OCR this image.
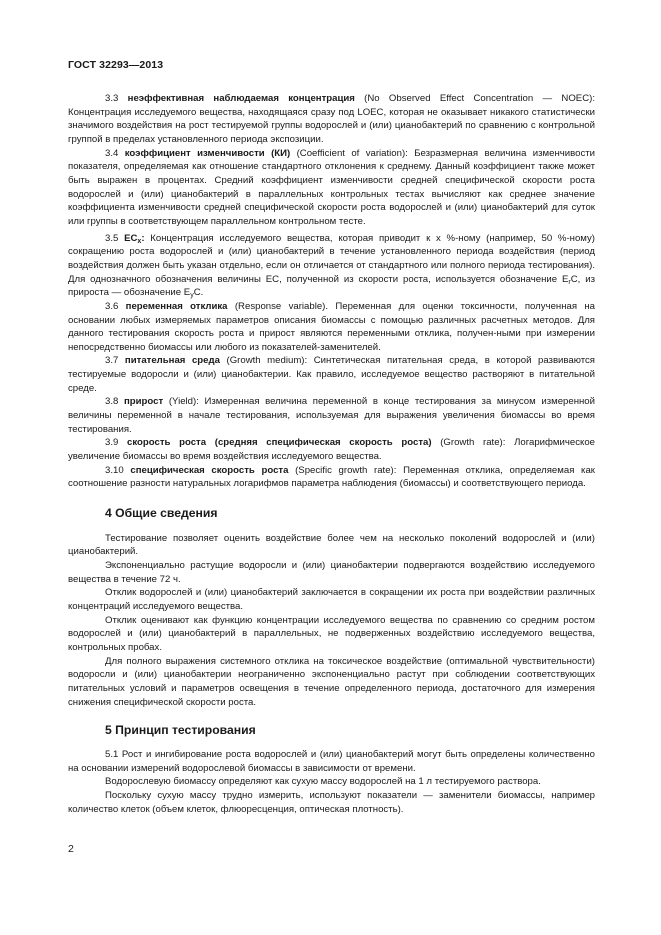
ГОСТ 32293—2013

3.3 неэффективная наблюдаемая концентрация (No Observed Effect Concentration — NOEC): Концентрация исследуемого вещества, находящаяся сразу под LOEC, которая не оказывает никакого статистически значимого воздействия на рост тестируемой группы водорослей и (или) цианобактерий по сравнению с контрольной группой в пределах установленного периода экспозиции.

3.4 коэффициент изменчивости (КИ) (Coefficient of variation): Безразмерная величина изменчивости показателя, определяемая как отношение стандартного отклонения к среднему. Данный коэффициент также может быть выражен в процентах. Средний коэффициент изменчивости средней специфической скорости роста водорослей и (или) цианобактерий в параллельных контрольных тестах вычисляют как среднее значение коэффициента изменчивости средней специфической скорости роста водорослей и (или) цианобактерий для суток или группы в соответствующем параллельном контрольном тесте.

3.5 $EC_x$: Концентрация исследуемого вещества, которая приводит к х %-ному (например, 50 %-ному) сокращению роста водорослей и (или) цианобактерий в течение установленного периода воздействия (период воздействия должен быть указан отдельно, если он отличается от стандартного или полного периода тестирования). Для однозначного обозначения величины ЕС, полученной из скорости роста, используется обозначение $E_rC$, из прироста — обозначение $E_yC$.

3.6 переменная отклика (Response variable). Переменная для оценки токсичности, полученная на основании любых измеряемых параметров описания биомассы с помощью различных расчетных методов. Для данного тестирования скорость роста и прирост являются переменными отклика, получен-ными при измерении непосредственно биомассы или любого из показателей-заменителей.

3.7 питательная среда (Growth medium): Синтетическая питательная среда, в которой развиваются тестируемые водоросли и (или) цианобактерии. Как правило, исследуемое вещество растворяют в питательной среде.

3.8 прирост (Yield): Измеренная величина переменной в конце тестирования за минусом измеренной величины переменной в начале тестирования, используемая для выражения увеличения биомассы во время тестирования.

3.9 скорость роста (средняя специфическая скорость роста) (Growth rate): Логарифмическое увеличение биомассы во время воздействия исследуемого вещества.

3.10 специфическая скорость роста (Specific growth rate): Переменная отклика, определяемая как соотношение разности натуральных логарифмов параметра наблюдения (биомассы) и соответствующего периода.

4 Общие сведения

Тестирование позволяет оценить воздействие более чем на несколько поколений водорослей и (или) цианобактерий.

Экспоненциально растущие водоросли и (или) цианобактерии подвергаются воздействию исследуемого вещества в течение 72 ч.

Отклик водорослей и (или) цианобактерий заключается в сокращении их роста при воздействии различных концентраций исследуемого вещества.

Отклик оценивают как функцию концентрации исследуемого вещества по сравнению со средним ростом водорослей и (или) цианобактерий в параллельных, не подверженных воздействию исследуемого вещества, контрольных пробах.

Для полного выражения системного отклика на токсическое воздействие (оптимальной чувствительности) водоросли и (или) цианобактерии неограниченно экспоненциально растут при соблюдении соответствующих питательных условий и параметров освещения в течение определенного периода, достаточного для измерения снижения специфической скорости роста.

5 Принцип тестирования

5.1 Рост и ингибирование роста водорослей и (или) цианобактерий могут быть определены количественно на основании измерений водорослевой биомассы в зависимости от времени.

Водорослевую биомассу определяют как сухую массу водорослей на 1 л тестируемого раствора.

Поскольку сухую массу трудно измерить, используют показатели — заменители биомассы, например количество клеток (объем клеток, флюоресценция, оптическая плотность).

2
